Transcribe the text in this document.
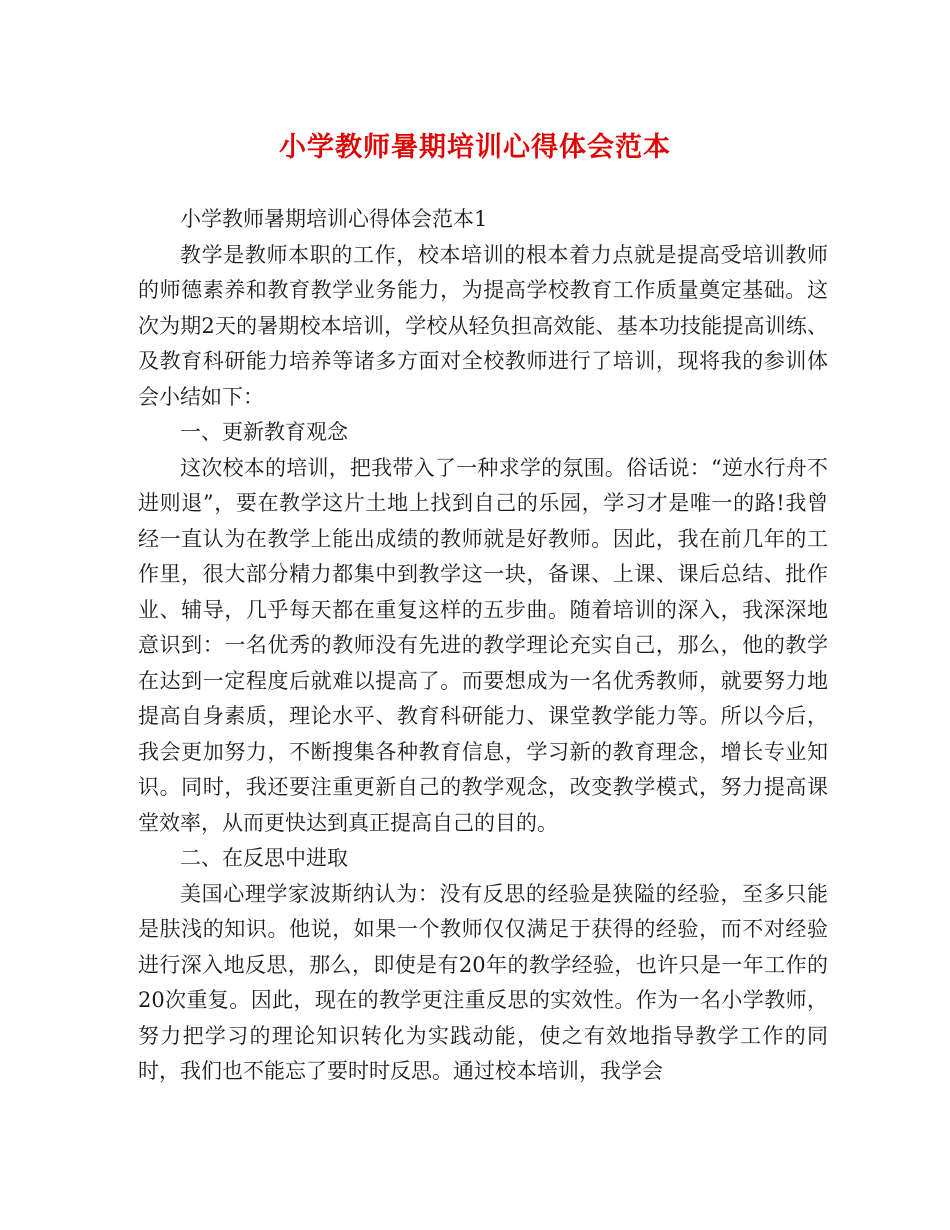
小学教师暑期培训心得体会范本

小学教师暑期培训心得体会范本1

教学是教师本职的工作，校本培训的根本着力点就是提高受培训教师的师德素养和教育教学业务能力，为提高学校教育工作质量奠定基础。这次为期2天的暑期校本培训，学校从轻负担高效能、基本功技能提高训练、及教育科研能力培养等诸多方面对全校教师进行了培训，现将我的参训体会小结如下：

一、更新教育观念

这次校本的培训，把我带入了一种求学的氛围。俗话说：“逆水行舟不进则退”，要在教学这片土地上找到自己的乐园，学习才是唯一的路!我曾经一直认为在教学上能出成绩的教师就是好教师。因此，我在前几年的工作里，很大部分精力都集中到教学这一块，备课、上课、课后总结、批作业、辅导，几乎每天都在重复这样的五步曲。随着培训的深入，我深深地意识到：一名优秀的教师没有先进的教学理论充实自己，那么，他的教学在达到一定程度后就难以提高了。而要想成为一名优秀教师，就要努力地提高自身素质，理论水平、教育科研能力、课堂教学能力等。所以今后，我会更加努力，不断搜集各种教育信息，学习新的教育理念，增长专业知识。同时，我还要注重更新自己的教学观念，改变教学模式，努力提高课堂效率，从而更快达到真正提高自己的目的。

二、在反思中进取

美国心理学家波斯纳认为：没有反思的经验是狭隘的经验，至多只能是肤浅的知识。他说，如果一个教师仅仅满足于获得的经验，而不对经验进行深入地反思，那么，即使是有20年的教学经验，也许只是一年工作的20次重复。因此，现在的教学更注重反思的实效性。作为一名小学教师，努力把学习的理论知识转化为实践动能，使之有效地指导教学工作的同时，我们也不能忘了要时时反思。通过校本培训，我学会
